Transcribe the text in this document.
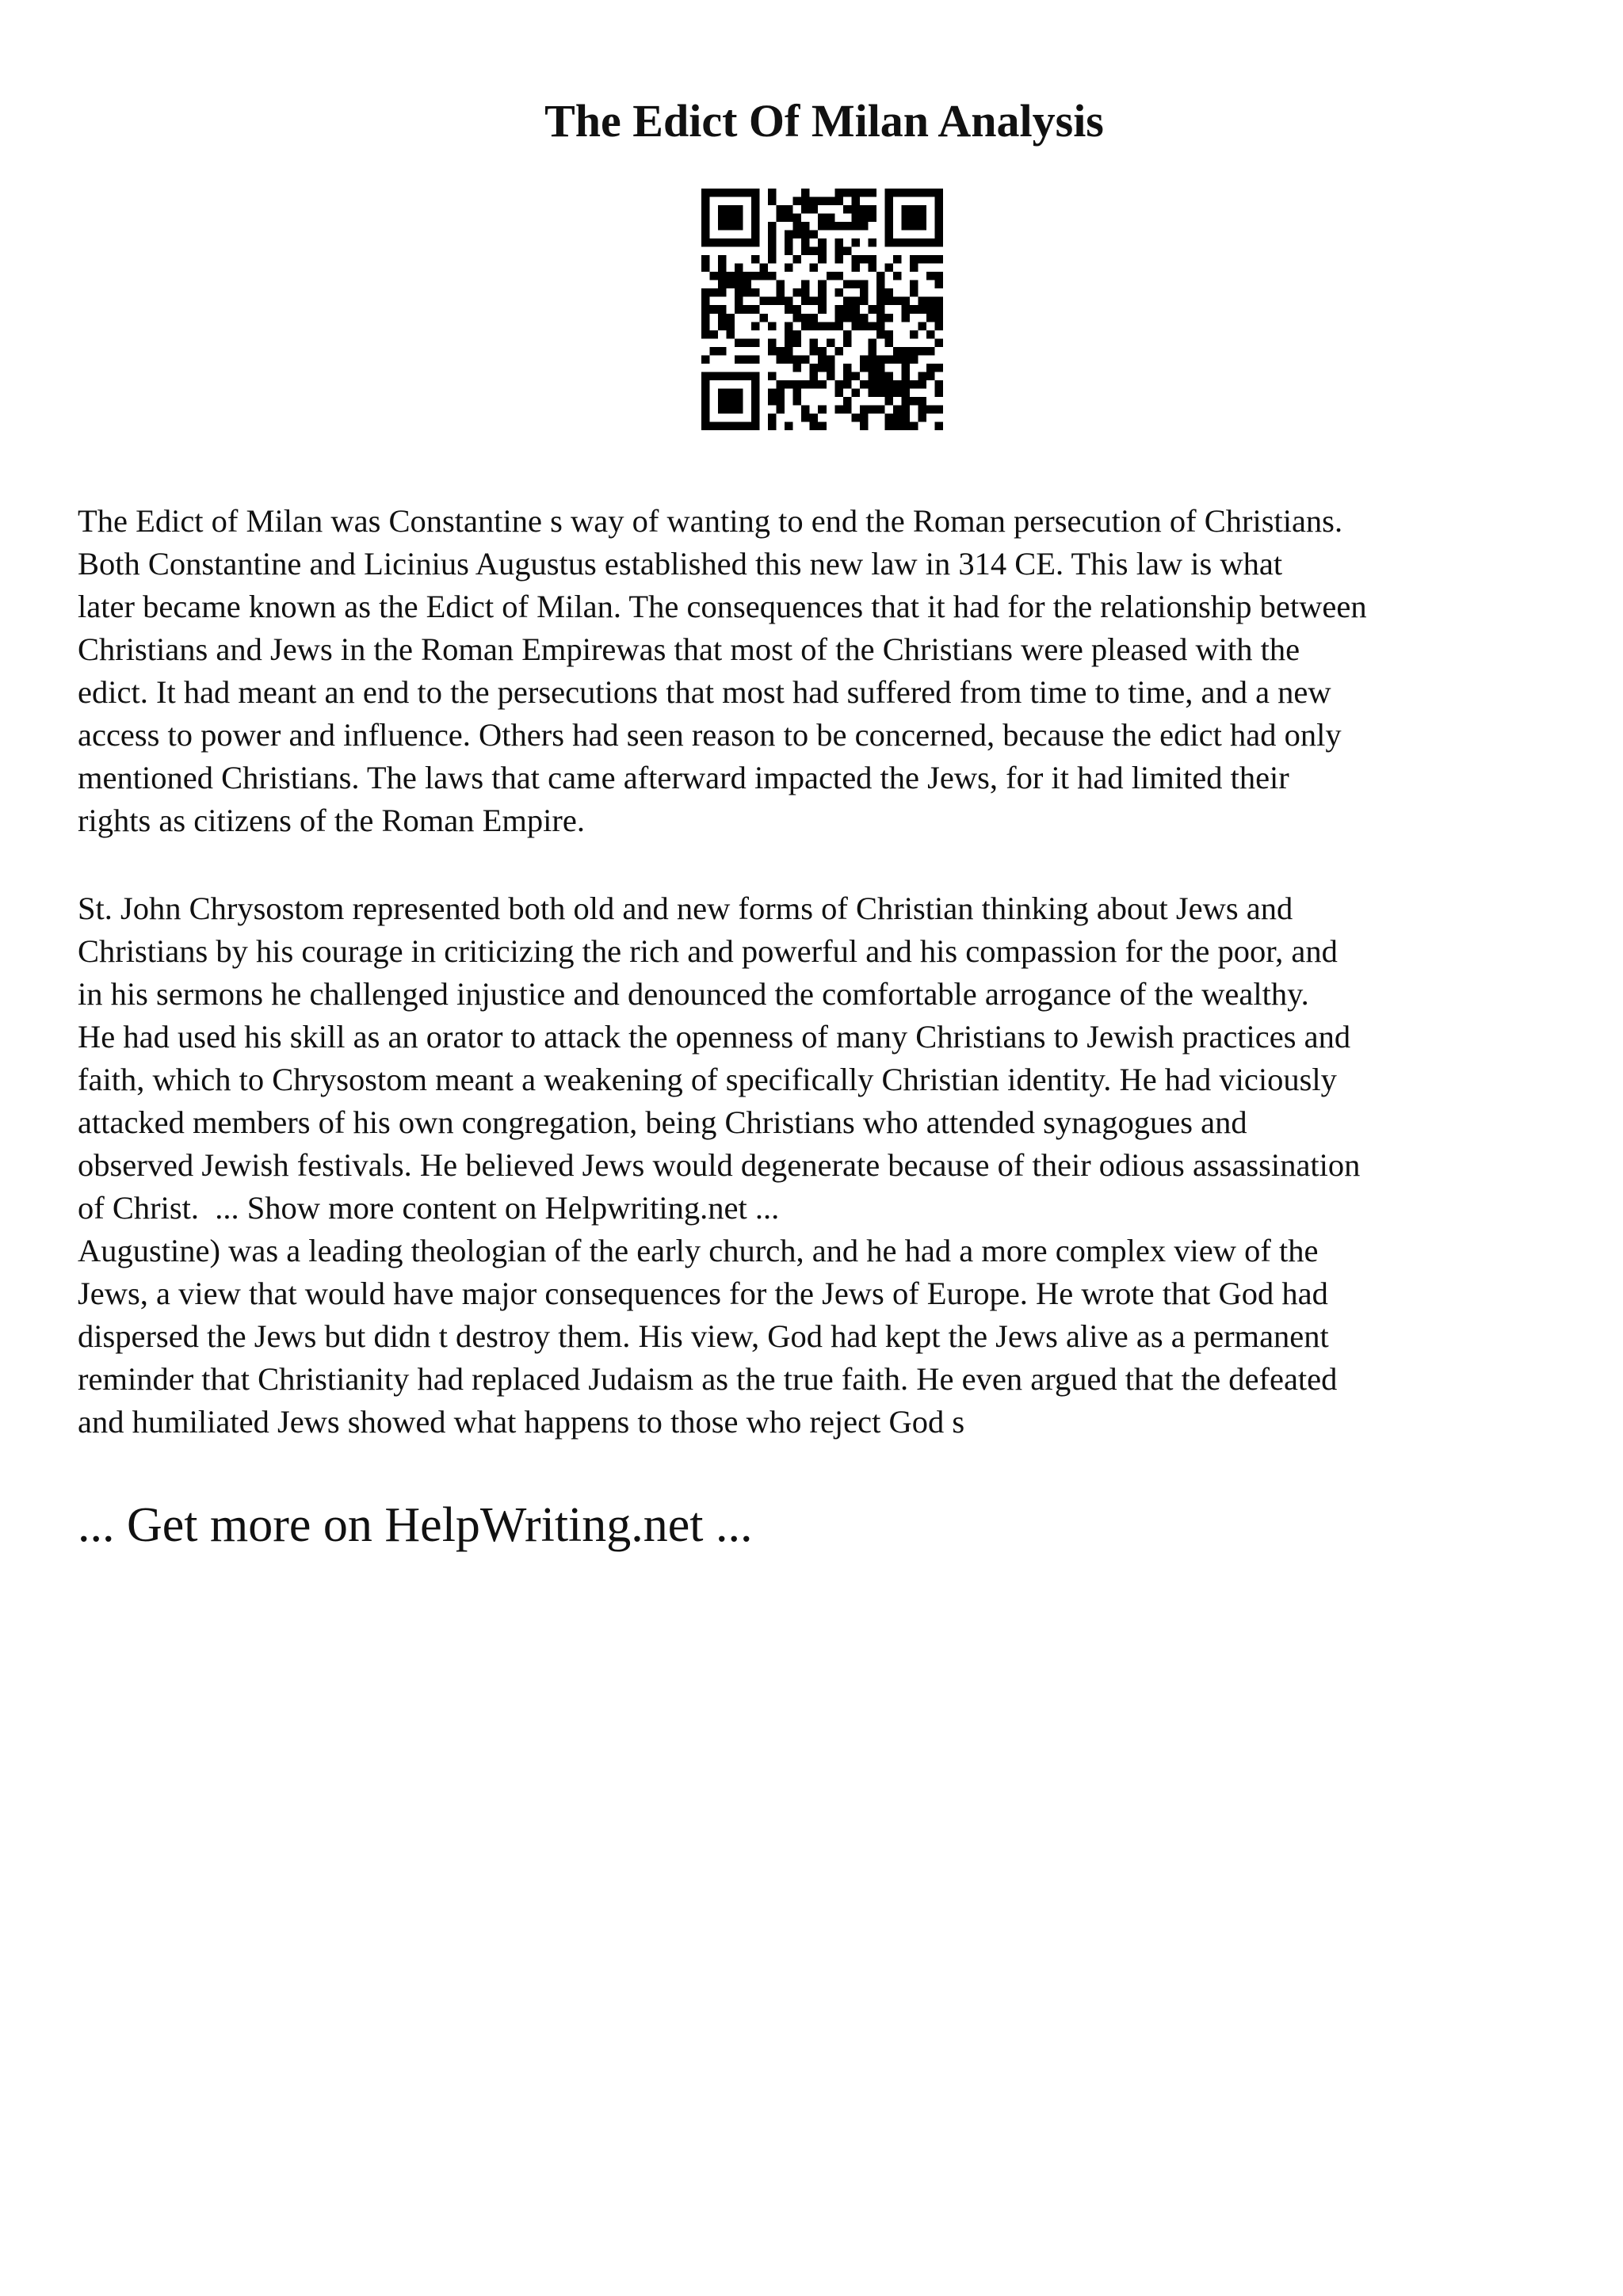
The Edict Of Milan Analysis
The Edict of Milan was Constantine s way of wanting to end the Roman persecution of Christians.
Both Constantine and Licinius Augustus established this new law in 314 CE. This law is what
later became known as the Edict of Milan. The consequences that it had for the relationship between
Christians and Jews in the Roman Empirewas that most of the Christians were pleased with the
edict. It had meant an end to the persecutions that most had suffered from time to time, and a new
access to power and influence. Others had seen reason to be concerned, because the edict had only
mentioned Christians. The laws that came afterward impacted the Jews, for it had limited their
rights as citizens of the Roman Empire.
St. John Chrysostom represented both old and new forms of Christian thinking about Jews and
Christians by his courage in criticizing the rich and powerful and his compassion for the poor, and
in his sermons he challenged injustice and denounced the comfortable arrogance of the wealthy.
He had used his skill as an orator to attack the openness of many Christians to Jewish practices and
faith, which to Chrysostom meant a weakening of specifically Christian identity. He had viciously
attacked members of his own congregation, being Christians who attended synagogues and
observed Jewish festivals. He believed Jews would degenerate because of their odious assassination
of Christ. ... Show more content on Helpwriting.net ...
Augustine) was a leading theologian of the early church, and he had a more complex view of the
Jews, a view that would have major consequences for the Jews of Europe. He wrote that God had
dispersed the Jews but didn t destroy them. His view, God had kept the Jews alive as a permanent
reminder that Christianity had replaced Judaism as the true faith. He even argued that the defeated
and humiliated Jews showed what happens to those who reject God s
... Get more on HelpWriting.net ...
